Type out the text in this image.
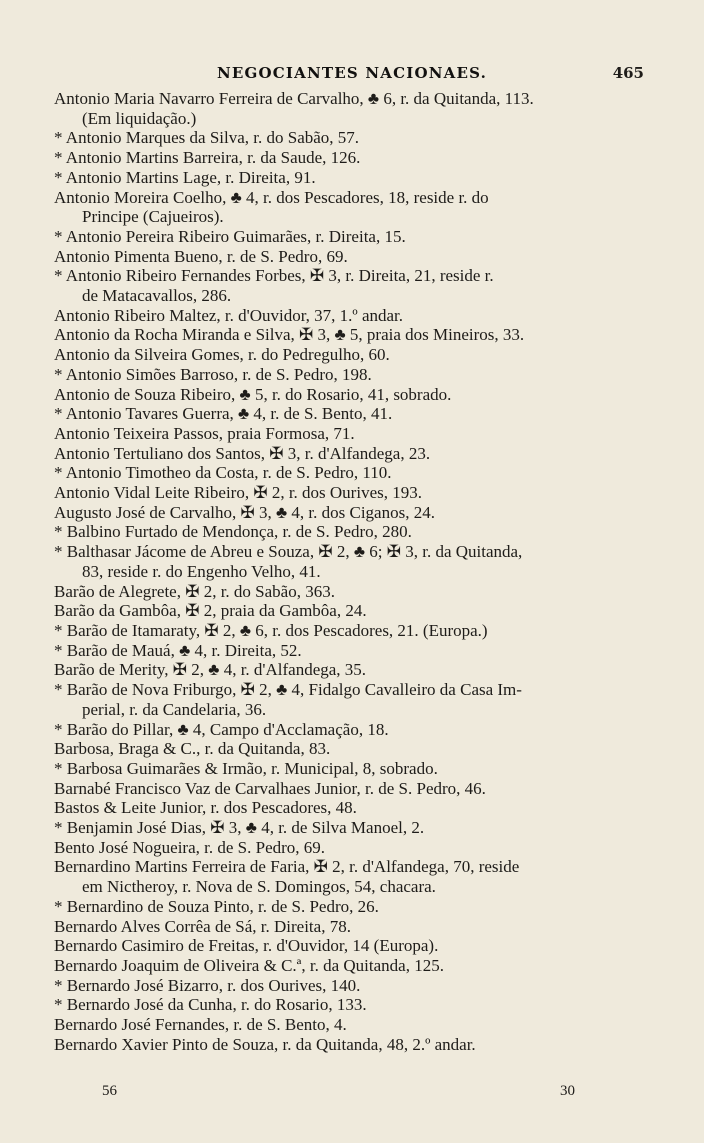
NEGOCIANTES NACIONAES.	465
Antonio Maria Navarro Ferreira de Carvalho, ♣ 6, r. da Quitanda, 113.
(Em liquidação.)
* Antonio Marques da Silva, r. do Sabão, 57.
* Antonio Martins Barreira, r. da Saude, 126.
* Antonio Martins Lage, r. Direita, 91.
Antonio Moreira Coelho, ♣ 4, r. dos Pescadores, 18, reside r. do
Principe (Cajueiros).
* Antonio Pereira Ribeiro Guimarães, r. Direita, 15.
Antonio Pimenta Bueno, r. de S. Pedro, 69.
* Antonio Ribeiro Fernandes Forbes, ✠ 3, r. Direita, 21, reside r.
de Matacavallos, 286.
Antonio Ribeiro Maltez, r. d'Ouvidor, 37, 1.º andar.
Antonio da Rocha Miranda e Silva, ✠ 3, ♣ 5, praia dos Mineiros, 33.
Antonio da Silveira Gomes, r. do Pedregulho, 60.
* Antonio Simões Barroso, r. de S. Pedro, 198.
Antonio de Souza Ribeiro, ♣ 5, r. do Rosario, 41, sobrado.
* Antonio Tavares Guerra, ♣ 4, r. de S. Bento, 41.
Antonio Teixeira Passos, praia Formosa, 71.
Antonio Tertuliano dos Santos, ✠ 3, r. d'Alfandega, 23.
* Antonio Timotheo da Costa, r. de S. Pedro, 110.
Antonio Vidal Leite Ribeiro, ✠ 2, r. dos Ourives, 193.
Augusto José de Carvalho, ✠ 3, ♣ 4, r. dos Ciganos, 24.
* Balbino Furtado de Mendonça, r. de S. Pedro, 280.
* Balthasar Jácome de Abreu e Souza, ✠ 2, ♣ 6; ✠ 3, r. da Quitanda,
83, reside r. do Engenho Velho, 41.
Barão de Alegrete, ✠ 2, r. do Sabão, 363.
Barão da Gambôa, ✠ 2, praia da Gambôa, 24.
* Barão de Itamaraty, ✠ 2, ♣ 6, r. dos Pescadores, 21. (Europa.)
* Barão de Mauá, ♣ 4, r. Direita, 52.
Barão de Merity, ✠ 2, ♣ 4, r. d'Alfandega, 35.
* Barão de Nova Friburgo, ✠ 2, ♣ 4, Fidalgo Cavalleiro da Casa Im-
perial, r. da Candelaria, 36.
* Barão do Pillar, ♣ 4, Campo d'Acclamação, 18.
Barbosa, Braga & C., r. da Quitanda, 83.
* Barbosa Guimarães & Irmão, r. Municipal, 8, sobrado.
Barnabé Francisco Vaz de Carvalhaes Junior, r. de S. Pedro, 46.
Bastos & Leite Junior, r. dos Pescadores, 48.
* Benjamin José Dias, ✠ 3, ♣ 4, r. de Silva Manoel, 2.
Bento José Nogueira, r. de S. Pedro, 69.
Bernardino Martins Ferreira de Faria, ✠ 2, r. d'Alfandega, 70, reside
em Nictheroy, r. Nova de S. Domingos, 54, chacara.
* Bernardino de Souza Pinto, r. de S. Pedro, 26.
Bernardo Alves Corrêa de Sá, r. Direita, 78.
Bernardo Casimiro de Freitas, r. d'Ouvidor, 14 (Europa).
Bernardo Joaquim de Oliveira & C.ª, r. da Quitanda, 125.
* Bernardo José Bizarro, r. dos Ourives, 140.
* Bernardo José da Cunha, r. do Rosario, 133.
Bernardo José Fernandes, r. de S. Bento, 4.
Bernardo Xavier Pinto de Souza, r. da Quitanda, 48, 2.º andar.
56	30
